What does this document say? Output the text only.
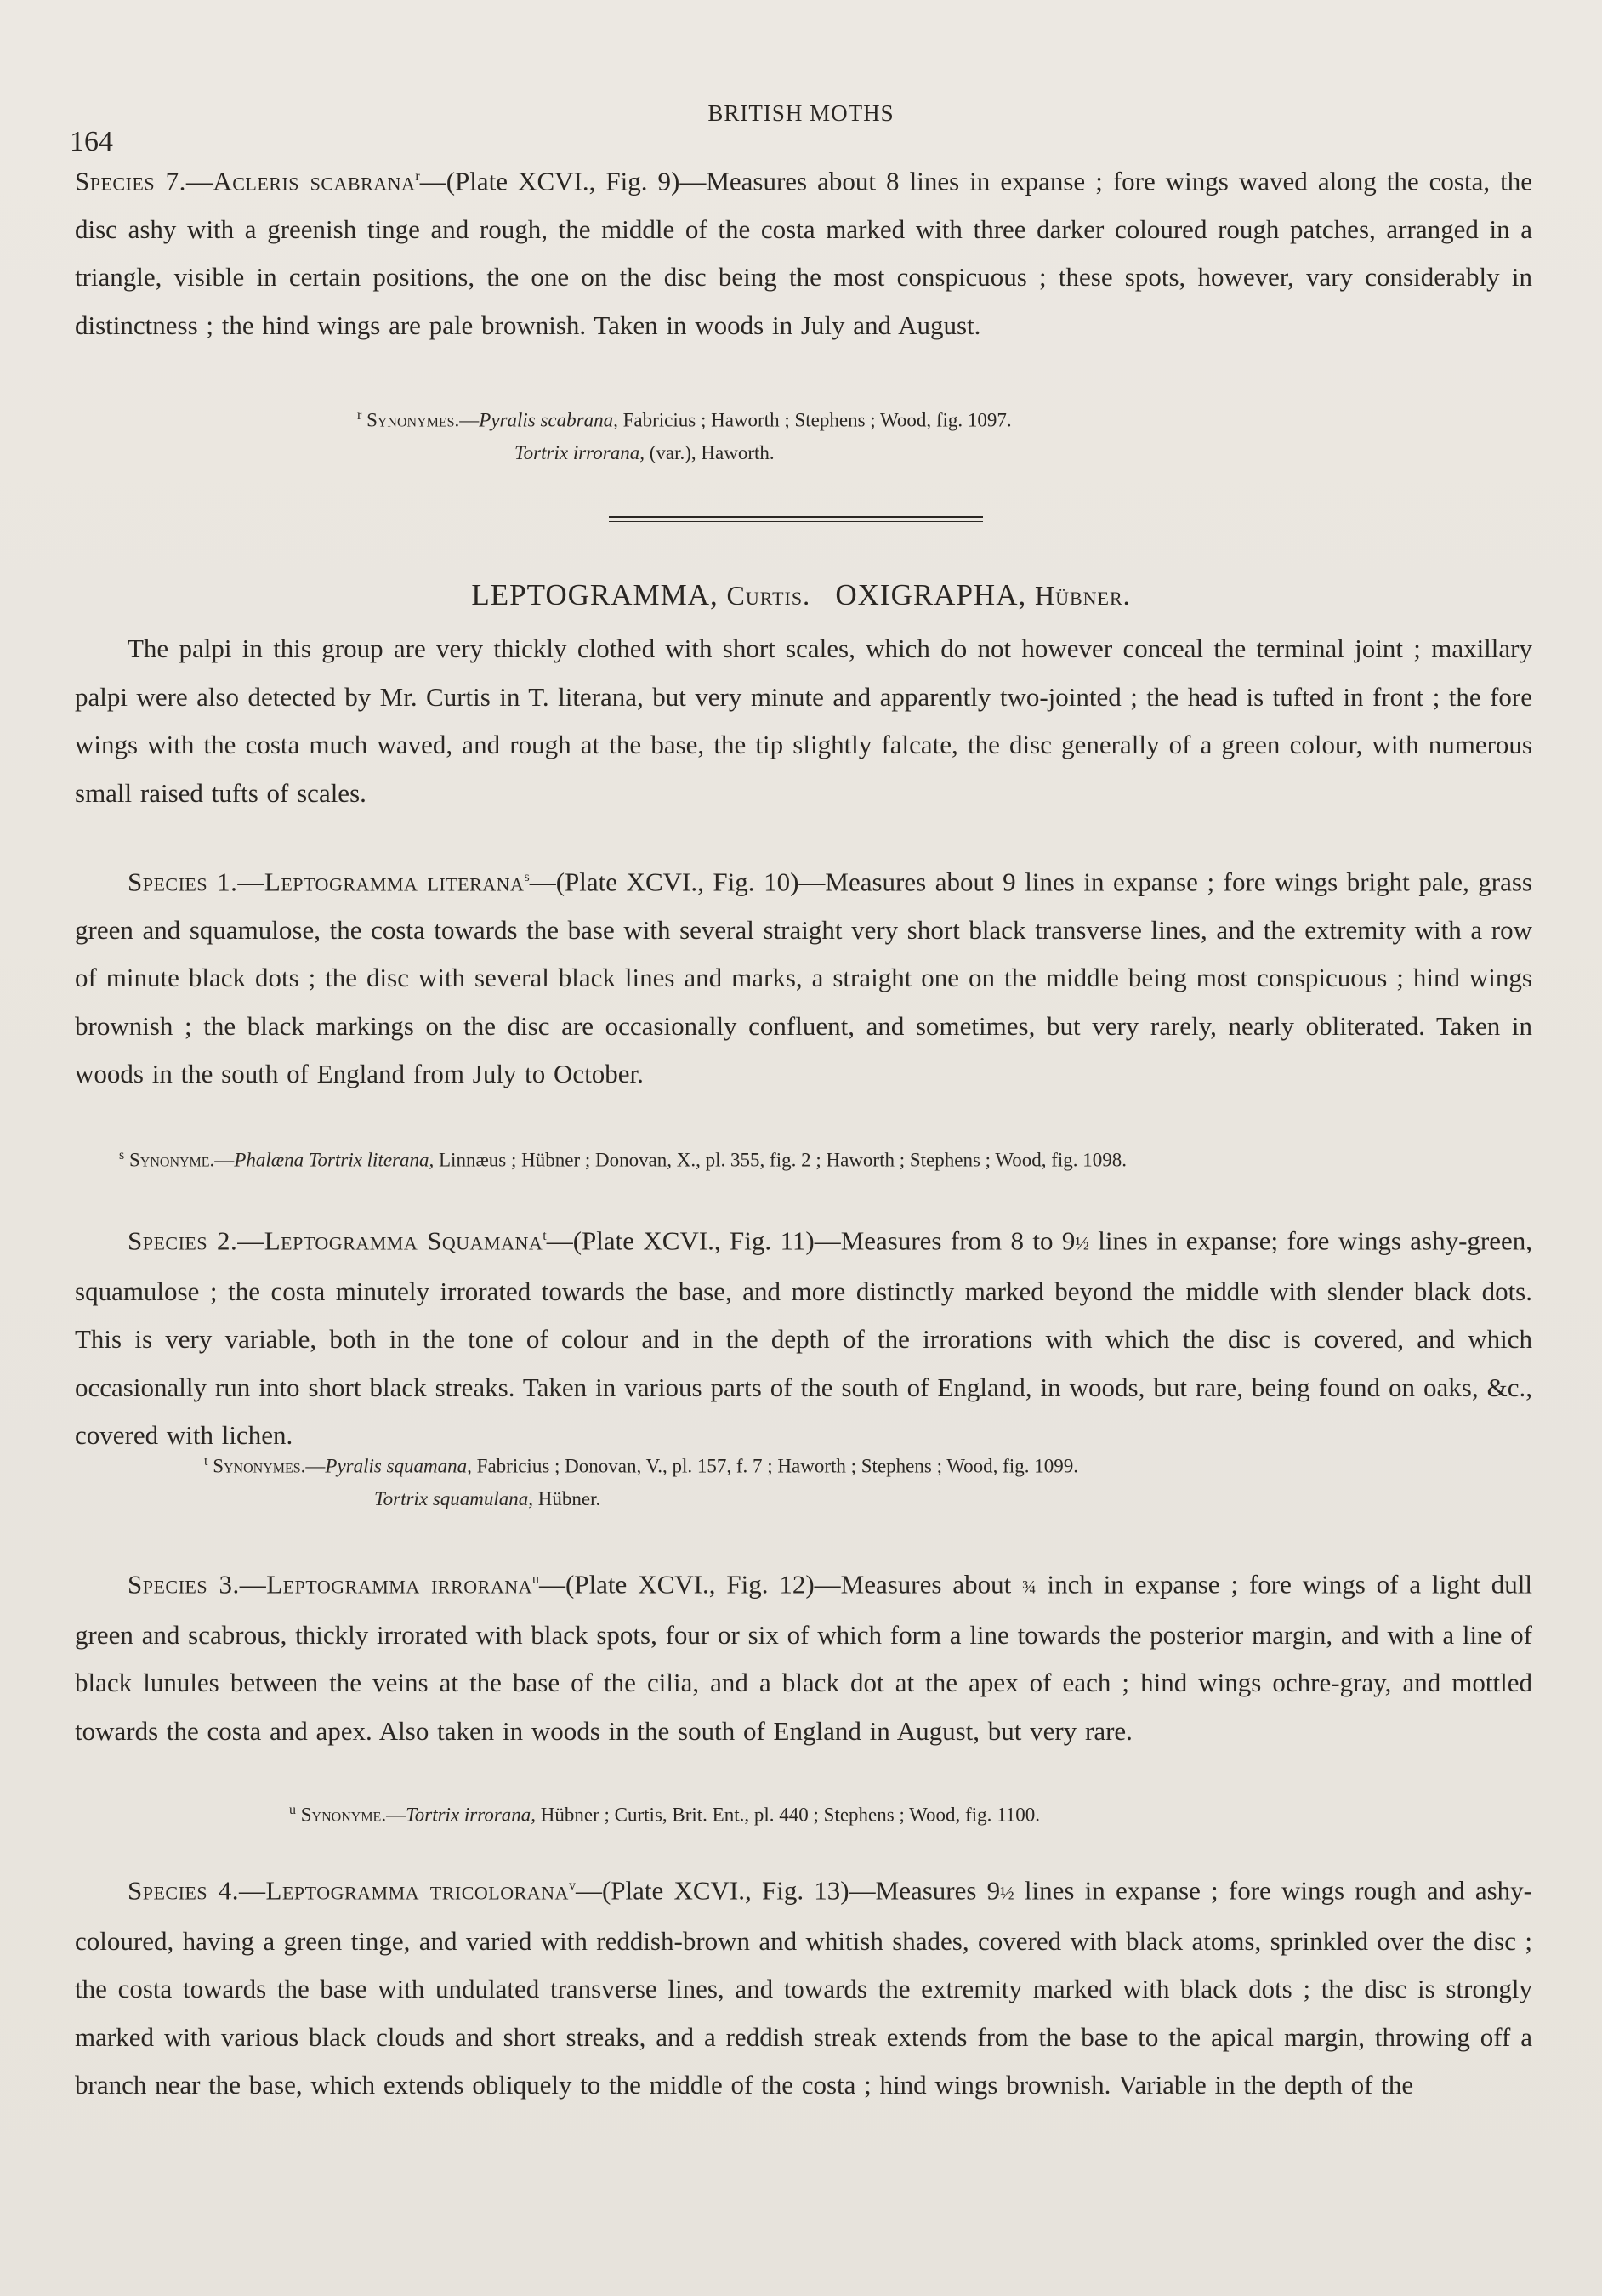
BRITISH MOTHS
164

Species 7.—Acleris scabrana$^r$—(Plate XCVI., Fig. 9)—Measures about 8 lines in expanse ; fore wings waved along the costa, the disc ashy with a greenish tinge and rough, the middle of the costa marked with three darker coloured rough patches, arranged in a triangle, visible in certain positions, the one on the disc being the most conspicuous ; these spots, however, vary considerably in distinctness ; the hind wings are pale brownish. Taken in woods in July and August.

$^r$ Synonymes.—Pyralis scabrana, Fabricius ; Haworth ; Stephens ; Wood, fig. 1097.

Tortrix irrorana, (var.), Haworth.

LEPTOGRAMMA, Curtis. OXIGRAPHA, Hübner.

The palpi in this group are very thickly clothed with short scales, which do not however conceal the terminal joint ; maxillary palpi were also detected by Mr. Curtis in T. literana, but very minute and apparently two-jointed ; the head is tufted in front ; the fore wings with the costa much waved, and rough at the base, the tip slightly falcate, the disc generally of a green colour, with numerous small raised tufts of scales.

Species 1.—Leptogramma literana$^s$—(Plate XCVI., Fig. 10)—Measures about 9 lines in expanse ; fore wings bright pale, grass green and squamulose, the costa towards the base with several straight very short black transverse lines, and the extremity with a row of minute black dots ; the disc with several black lines and marks, a straight one on the middle being most conspicuous ; hind wings brownish ; the black markings on the disc are occasionally confluent, and sometimes, but very rarely, nearly obliterated. Taken in woods in the south of England from July to October.

$^s$ Synonyme.—Phalæna Tortrix literana, Linnæus ; Hübner ; Donovan, X., pl. 355, fig. 2 ; Haworth ; Stephens ; Wood, fig. 1098.

Species 2.—Leptogramma Squamana$^t$—(Plate XCVI., Fig. 11)—Measures from 8 to 9½ lines in expanse; fore wings ashy-green, squamulose ; the costa minutely irrorated towards the base, and more distinctly marked beyond the middle with slender black dots. This is very variable, both in the tone of colour and in the depth of the irrorations with which the disc is covered, and which occasionally run into short black streaks. Taken in various parts of the south of England, in woods, but rare, being found on oaks, &c., covered with lichen.

$^t$ Synonymes.—Pyralis squamana, Fabricius ; Donovan, V., pl. 157, f. 7 ; Haworth ; Stephens ; Wood, fig. 1099.

Tortrix squamulana, Hübner.

Species 3.—Leptogramma irrorana$^u$—(Plate XCVI., Fig. 12)—Measures about ¾ inch in expanse ; fore wings of a light dull green and scabrous, thickly irrorated with black spots, four or six of which form a line towards the posterior margin, and with a line of black lunules between the veins at the base of the cilia, and a black dot at the apex of each ; hind wings ochre-gray, and mottled towards the costa and apex. Also taken in woods in the south of England in August, but very rare.

$^u$ Synonyme.—Tortrix irrorana, Hübner ; Curtis, Brit. Ent., pl. 440 ; Stephens ; Wood, fig. 1100.

Species 4.—Leptogramma tricolorana$^v$—(Plate XCVI., Fig. 13)—Measures 9½ lines in expanse ; fore wings rough and ashy-coloured, having a green tinge, and varied with reddish-brown and whitish shades, covered with black atoms, sprinkled over the disc ; the costa towards the base with undulated transverse lines, and towards the extremity marked with black dots ; the disc is strongly marked with various black clouds and short streaks, and a reddish streak extends from the base to the apical margin, throwing off a branch near the base, which extends obliquely to the middle of the costa ; hind wings brownish. Variable in the depth of the
